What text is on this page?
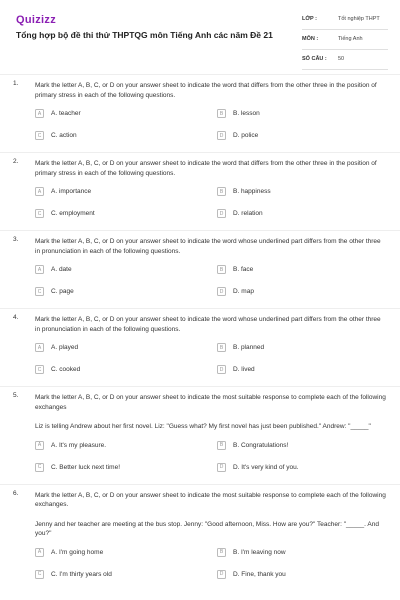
Quizizz
Tổng hợp bộ đề thi thử THPTQG môn Tiếng Anh các năm Đề 21
LỚP :	Tốt nghiệp THPT
MÔN :	Tiếng Anh
SỐ CÂU : 50
1.	Mark the letter A, B, C, or D on your answer sheet to indicate the word that differs from the other three in the position of primary stress in each of the following questions.
A	A. teacher	B	B. lesson
C	C. action	D	D. police
2.	Mark the letter A, B, C, or D on your answer sheet to indicate the word that differs from the other three in the position of primary stress in each of the following questions.
A	A. importance	B	B. happiness
C	C. employment	D	D. relation
3.	Mark the letter A, B, C, or D on your answer sheet to indicate the word whose underlined part differs from the other three in pronunciation in each of the following questions.
A	A. date	B	B. face
C	C. page	D	D. map
4.	Mark the letter A, B, C, or D on your answer sheet to indicate the word whose underlined part differs from the other three in pronunciation in each of the following questions.
A	A. played	B	B. planned
C	C. cooked	D	D. lived
5.	Mark the letter A, B, C, or D on your answer sheet to indicate the most suitable response to complete each of the following exchanges
Liz is telling Andrew about her first novel. Liz: "Guess what? My first novel has just been published." Andrew: "_____"
A	A. It's my pleasure.	B	B. Congratulations!
C	C. Better luck next time!	D	D. It's very kind of you.
6.	Mark the letter A, B, C, or D on your answer sheet to indicate the most suitable response to complete each of the following exchanges.
Jenny and her teacher are meeting at the bus stop. Jenny: "Good afternoon, Miss. How are you?" Teacher: "_____. And you?"
A	A. I'm going home	B	B. I'm leaving now
C	C. I'm thirty years old	D	D. Fine, thank you
